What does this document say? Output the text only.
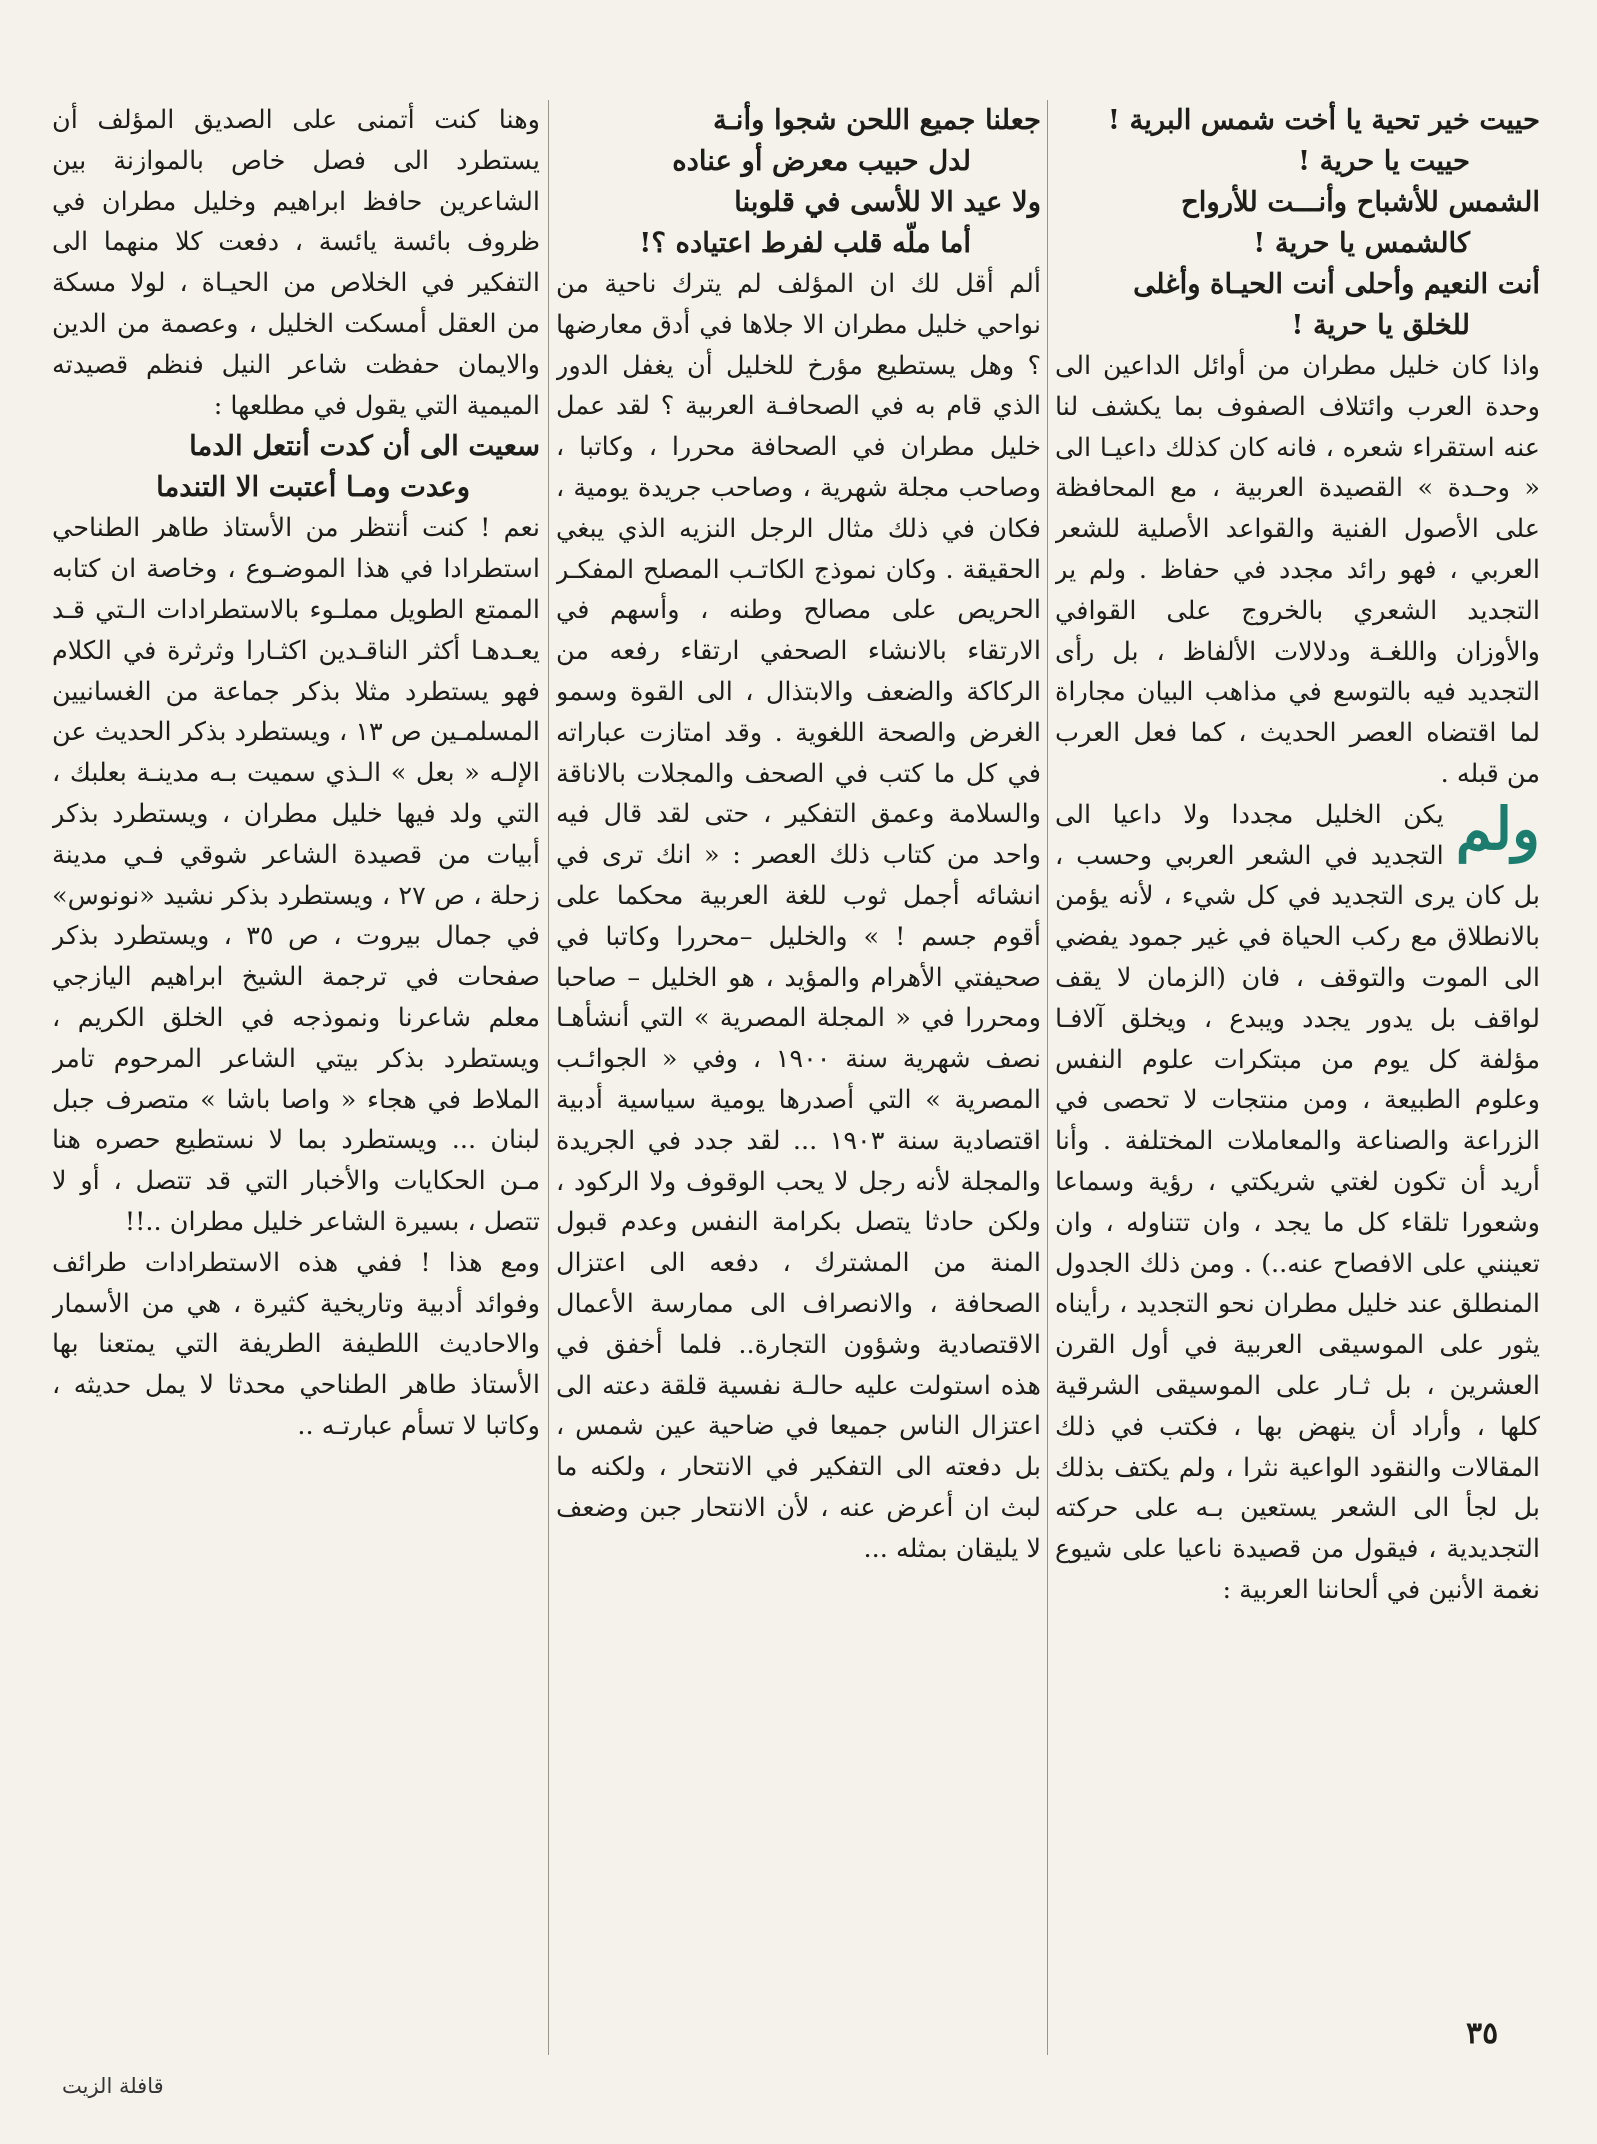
حييت خير تحية يا أخت شمس البرية !
حييت يا حرية !

الشمس للأشباح وأنـــت للأرواح
كالشمس يا حرية !

أنت النعيم وأحلى أنت الحيـاة وأغلى
للخلق يا حرية !

واذا كان خليل مطران من أوائل الداعين الى وحدة العرب وائتلاف الصفوف بما يكشف لنا عنه استقراء شعره ، فانه كان كذلك داعيـا الى « وحـدة » القصيدة العربية ، مع المحافظة على الأصول الفنية والقواعد الأصلية للشعر العربي ، فهو رائد مجدد في حفاظ . ولم ير التجديد الشعري بالخروج على القوافي والأوزان واللغـة ودلالات الألفاظ ، بل رأى التجديد فيه بالتوسع في مذاهب البيان مجاراة لما اقتضاه العصر الحديث ، كما فعل العرب من قبله .

ولم
يكن الخليل مجددا ولا داعيا الى التجديد في الشعر العربي وحسب ، بل كان يرى التجديد في كل شيء ، لأنه يؤمن بالانطلاق مع ركب الحياة في غير جمود يفضي الى الموت والتوقف ، فان (الزمان لا يقف لواقف بل يدور يجدد ويبدع ، ويخلق آلافـا مؤلفة كل يوم من مبتكرات علوم النفس وعلوم الطبيعة ، ومن منتجات لا تحصى في الزراعة والصناعة والمعاملات المختلفة . وأنا أريد أن تكون لغتي شريكتي ، رؤية وسماعا وشعورا تلقاء كل ما يجد ، وان تتناوله ، وان تعينني على الافصاح عنه..) . ومن ذلك الجدول المنطلق عند خليل مطران نحو التجديد ، رأيناه يثور على الموسيقى العربية في أول القرن العشرين ، بل ثـار على الموسيقى الشرقية كلها ، وأراد أن ينهض بها ، فكتب في ذلك المقالات والنقود الواعية نثرا ، ولم يكتف بذلك بل لجأ الى الشعر يستعين بـه على حركته التجديدية ، فيقول من قصيدة ناعيا على شيوع نغمة الأنين في ألحاننا العربية :

جعلنا جميع اللحن شجوا وأنـة
لدل حبيب معرض أو عناده

ولا عيد الا للأسى في قلوبنا
أما ملّه قلب لفرط اعتياده ؟!

ألم أقل لك ان المؤلف لم يترك ناحية من نواحي خليل مطران الا جلاها في أدق معارضها ؟ وهل يستطيع مؤرخ للخليل أن يغفل الدور الذي قام به في الصحافـة العربية ؟ لقد عمل خليل مطران في الصحافة محررا ، وكاتبا ، وصاحب مجلة شهرية ، وصاحب جريدة يومية ، فكان في ذلك مثال الرجل النزيه الذي يبغي الحقيقة . وكان نموذج الكاتـب المصلح المفكـر الحريص على مصالح وطنه ، وأسهم في الارتقاء بالانشاء الصحفي ارتقاء رفعه من الركاكة والضعف والابتذال ، الى القوة وسمو الغرض والصحة اللغوية . وقد امتازت عباراته في كل ما كتب في الصحف والمجلات بالاناقة والسلامة وعمق التفكير ، حتى لقد قال فيه واحد من كتاب ذلك العصر : « انك ترى في انشائه أجمل ثوب للغة العربية محكما على أقوم جسم ! » والخليل –محررا وكاتبا في صحيفتي الأهرام والمؤيد ، هو الخليل – صاحبا ومحررا في « المجلة المصرية » التي أنشأهـا نصف شهرية سنة ١٩٠٠ ، وفي « الجوائـب المصرية » التي أصدرها يومية سياسية أدبية اقتصادية سنة ١٩٠٣ ... لقد جدد في الجريدة والمجلة لأنه رجل لا يحب الوقوف ولا الركود ، ولكن حادثا يتصل بكرامة النفس وعدم قبول المنة من المشترك ، دفعه الى اعتزال الصحافة ، والانصراف الى ممارسة الأعمال الاقتصادية وشؤون التجارة.. فلما أخفق في هذه استولت عليه حالـة نفسية قلقة دعته الى اعتزال الناس جميعا في ضاحية عين شمس ، بل دفعته الى التفكير في الانتحار ، ولكنه ما لبث ان أعرض عنه ، لأن الانتحار جبن وضعف لا يليقان بمثله ...

وهنا كنت أتمنى على الصديق المؤلف أن يستطرد الى فصل خاص بالموازنة بين الشاعرين حافظ ابراهيم وخليل مطران في ظروف بائسة يائسة ، دفعت كلا منهما الى التفكير في الخلاص من الحيـاة ، لولا مسكة من العقل أمسكت الخليل ، وعصمة من الدين والايمان حفظت شاعر النيل فنظم قصيدته الميمية التي يقول في مطلعها :

سعيت الى أن كدت أنتعل الدما
وعدت ومـا أعتبت الا التندما

نعم ! كنت أنتظر من الأستاذ طاهر الطناحي استطرادا في هذا الموضـوع ، وخاصة ان كتابه الممتع الطويل مملـوء بالاستطرادات الـتي قـد يعـدهـا أكثر الناقـدين اكثـارا وثرثرة في الكلام فهو يستطرد مثلا بذكر جماعة من الغسانيين المسلمـين ص ١٣ ، ويستطرد بذكر الحديث عن الإلـه « بعل » الـذي سميت بـه مدينـة بعلبك ، التي ولد فيها خليل مطران ، ويستطرد بذكر أبيات من قصيدة الشاعر شوقي فـي مدينة زحلة ، ص ٢٧ ، ويستطرد بذكر نشيد «نونوس» في جمال بيروت ، ص ٣٥ ، ويستطرد بذكر صفحات في ترجمة الشيخ ابراهيم اليازجي معلم شاعرنا ونموذجه في الخلق الكريم ، ويستطرد بذكر بيتي الشاعر المرحوم تامر الملاط في هجاء « واصا باشا » متصرف جبل لبنان ... ويستطرد بما لا نستطيع حصره هنا مـن الحكايات والأخبار التي قد تتصل ، أو لا تتصل ، بسيرة الشاعر خليل مطران ..!!

ومع هذا ! ففي هذه الاستطرادات طرائف وفوائد أدبية وتاريخية كثيرة ، هي من الأسمار والاحاديث اللطيفة الطريفة التي يمتعنا بها الأستاذ طاهر الطناحي محدثا لا يمل حديثه ، وكاتبا لا تسأم عبارتـه ..

٣٥
قافلة الزيت
